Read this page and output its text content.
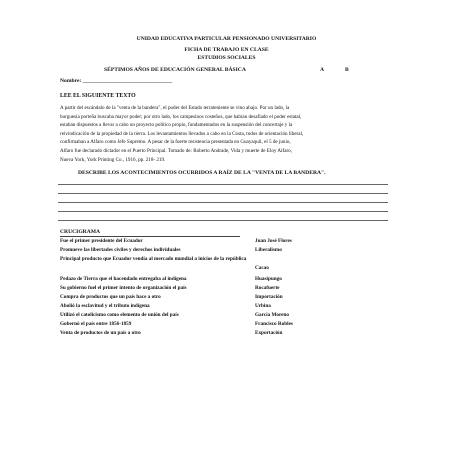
UNIDAD EDUCATIVA PARTICULAR PENSIONADO UNIVERSITARIO
FICHA DE TRABAJO EN CLASE
ESTUDIOS SOCIALES
SÉPTIMOS AÑOS DE EDUCACIÓN GENERAL BÁSICA	A	B
Nombre: ________________________________
LEE EL SIGUIENTE TEXTO
A partir del escándalo de la "venta de la bandera", el poder del Estado terrateniente se vino abajo. Por un lado, la
burguesía porteña buscaba mayor poder; por otro lado, los campesinos costeños, que habían desafiado el poder estatal,
estaban dispuestos a llevar a cabo un proyecto político propio, fundamentados en la suspensión del concertaje y la
reivindicación de la propiedad de la tierra. Los levantamientos llevados a cabo en la Costa, todos de orientación liberal,
confirmaban a Alfaro como Jefe Supremo. A pesar de la fuerte resistencia presentada en Guayaquil, el 5 de junio,
Alfaro fue declarado dictador en el Puerto Principal. Tomado de: Roberto Andrade, Vida y muerte de Eloy Alfaro,
Nueva York, York Printing Co., 1916, pp. 218- 219.
DESCRIBE LOS ACONTECIMIENTOS OCURRIDOS A RAÍZ DE LA "VENTA DE LA BANDERA".
CRUCIGRAMA
Fue el primer presidente del Ecuador	Juan José Flores
Promueve las libertades civiles y derechos individuales	Liberalismo
Principal producto que Ecuador vendía al mercado mundial a inicios de la república
Cacao
Pedazo de Tierra que el hacendado entregaba al indígena	Huasipungo
Su gobierno fuel el primer intento de organización el país	Rocafuerte
Compra de productos que un país hace a otro	Importación
Abolió la esclavitud y el tributo indígena	Urbina
Utilizó el catolicismo como elemento de unión del país	García Moreno
Gobernó el país entre 1856-1859	Francisco Robles
Venta de productos de un país a otro	Exportación
